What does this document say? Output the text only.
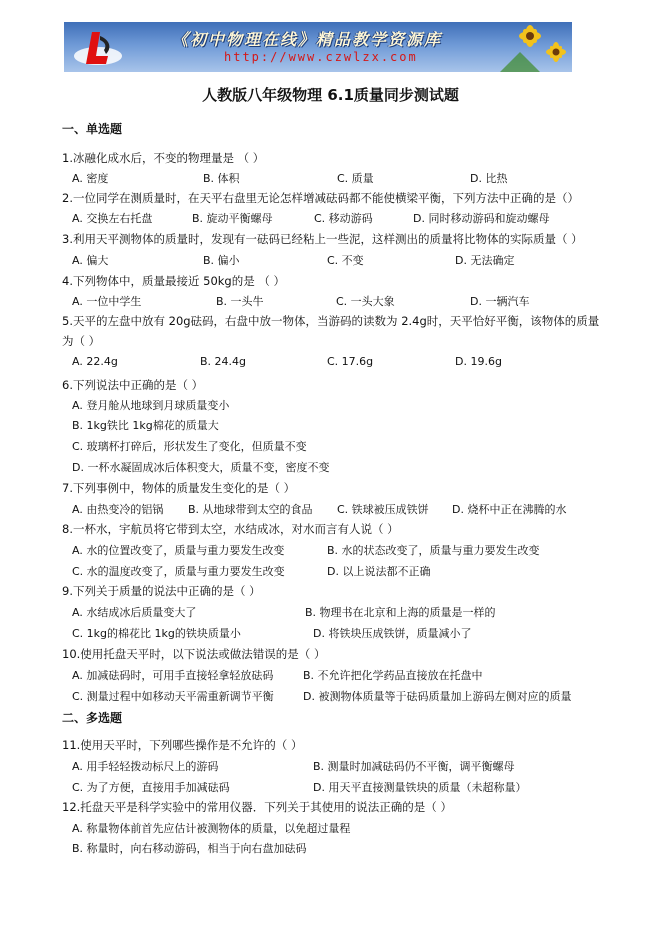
《初中物理在线》精品教学资源库
http://www.czwlzx.com
人教版八年级物理 6.1质量同步测试题
一、单选题
1.冰融化成水后，不变的物理量是 （ ）
A. 密度	B. 体积	C. 质量	D. 比热
2.一位同学在测质量时，在天平右盘里无论怎样增减砝码都不能使横梁平衡，下列方法中正确的是（）
A. 交换左右托盘	B. 旋动平衡螺母	C. 移动游码	D. 同时移动游码和旋动螺母
3.利用天平测物体的质量时，发现有一砝码已经粘上一些泥，这样测出的质量将比物体的实际质量（ ）
A. 偏大	B. 偏小	C. 不变	D. 无法确定
4.下列物体中，质量最接近 50kg的是 （ ）
A. 一位中学生	B. 一头牛	C. 一头大象	D. 一辆汽车
5.天平的左盘中放有 20g砝码，右盘中放一物体，当游码的读数为 2.4g时，天平恰好平衡，该物体的质量
为（ ）
A. 22.4g	B. 24.4g	C. 17.6g	D. 19.6g
6.下列说法中正确的是（ ）
A. 登月舱从地球到月球质量变小
B. 1kg铁比 1kg棉花的质量大
C. 玻璃杯打碎后，形状发生了变化，但质量不变
D. 一杯水凝固成冰后体积变大，质量不变，密度不变
7.下列事例中，物体的质量发生变化的是（ ）
A. 由热变冷的铝锅 B. 从地球带到太空的食品 C. 铁球被压成铁饼 D. 烧杯中正在沸腾的水
8.一杯水，宇航员将它带到太空，水结成冰，对水而言有人说（ ）
A. 水的位置改变了，质量与重力要发生改变	B. 水的状态改变了，质量与重力要发生改变
C. 水的温度改变了，质量与重力要发生改变	D. 以上说法都不正确
9.下列关于质量的说法中正确的是（ ）
A. 水结成冰后质量变大了	B. 物理书在北京和上海的质量是一样的
C. 1kg的棉花比 1kg的铁块质量小	D. 将铁块压成铁饼，质量减小了
10.使用托盘天平时，以下说法或做法错误的是（ ）
A. 加减砝码时，可用手直接轻拿轻放砝码	B. 不允许把化学药品直接放在托盘中
C. 测量过程中如移动天平需重新调节平衡	D. 被测物体质量等于砝码质量加上游码左侧对应的质量
二、多选题
11.使用天平时，下列哪些操作是不允许的（ ）
A. 用手轻轻拨动标尺上的游码	B. 测量时加减砝码仍不平衡，调平衡螺母
C. 为了方便，直接用手加减砝码	D. 用天平直接测量铁块的质量（未超称量）
12.托盘天平是科学实验中的常用仪器．下列关于其使用的说法正确的是（ ）
A. 称量物体前首先应估计被测物体的质量，以免超过量程
B. 称量时，向右移动游码，相当于向右盘加砝码
